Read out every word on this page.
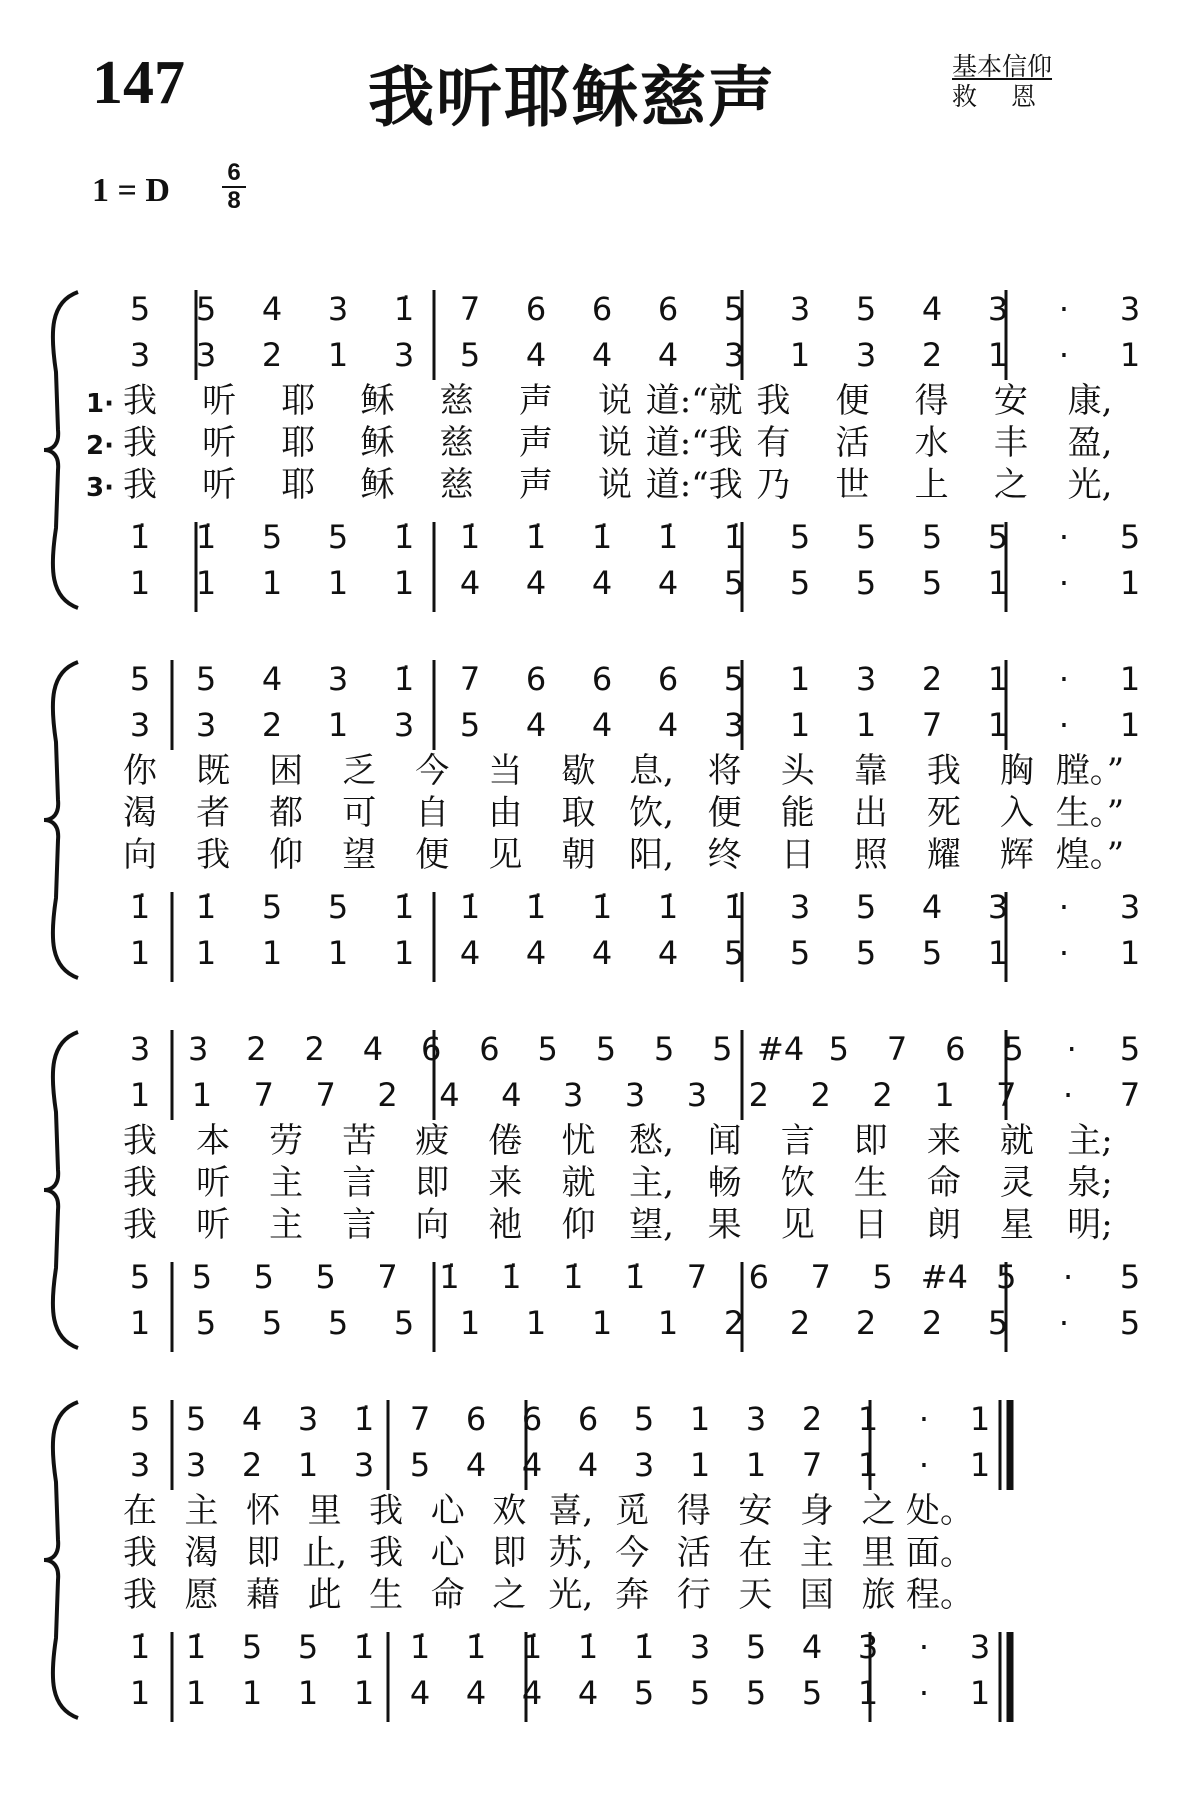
147	我听耶稣慈声	基本信仰
救恩
1 = D 6
8
5 5 4 3 1̇ 7 6 6 6 5 3 5 4 3 · 3
3 3 2 1 3 5 4 4 4 3 1 3 2 1 · 1
1̇ 1̇ 5 5 1̇ 1̇ 1̇ 1̇ 1̇ 1̇ 5 5 5 5 · 5
1 1 1 1 1 4 4 4 4 5 5 5 5 1 · 1
我 听 耶 稣 慈 声 说 道:“就 我 便 得 安 康,
1·
我 听 耶 稣 慈 声 说 道:“我 有 活 水 丰 盈,
2·
我 听 耶 稣 慈 声 说 道:“我 乃 世 上 之 光,
3·
5 5 4 3 1̇ 7 6 6 6 5 1 3 2 1 · 1
3 3 2 1 3 5 4 4 4 3 1 1 7 1 · 1
1̇ 1̇ 5 5 1̇ 1̇ 1̇ 1̇ 1̇ 1̇ 3 5 4 3 · 3
1 1 1 1 1 4 4 4 4 5 5 5 5 1 · 1
你 既 困 乏 今 当 歇 息, 将 头 靠 我 胸 膛。”
渴 者 都 可 自 由 取 饮, 便 能 出 死 入 生。”
向 我 仰 望 便 见 朝 阳, 终 日 照 耀 辉 煌。”
3 3 2 2 4 6 6 5 5 5 5 #4 5 7 6 5 · 5
1 1 7 7 2 4 4 3 3 3 2 2 2 1 7 · 7
5 5 5 5 7 1̇ 1̇ 1̇ 1̇ 7 6 7 5 #4 5 · 5
1 5 5 5 5 1 1 1 1 2 2 2 2 5 · 5
我 本 劳 苦 疲 倦 忧 愁, 闻 言 即 来 就 主;
我 听 主 言 即 来 就 主, 畅 饮 生 命 灵 泉;
我 听 主 言 向 祂 仰 望, 果 见 日 朗 星 明;
5 5 4 3 1̇ 7 6 6 6 5 1 3 2 1 · 1
3 3 2 1 3 5 4 4 4 3 1 1 7 1 · 1
1̇ 1̇ 5 5 1̇ 1̇ 1̇ 1̇ 1̇ 1̇ 3 5 4 3 · 3
1 1 1 1 1 4 4 4 4 5 5 5 5 1 · 1
在 主 怀 里 我 心 欢 喜, 觅 得 安 身 之 处。
我 渴 即 止, 我 心 即 苏, 今 活 在 主 里 面。
我 愿 藉 此 生 命 之 光, 奔 行 天 国 旅 程。
